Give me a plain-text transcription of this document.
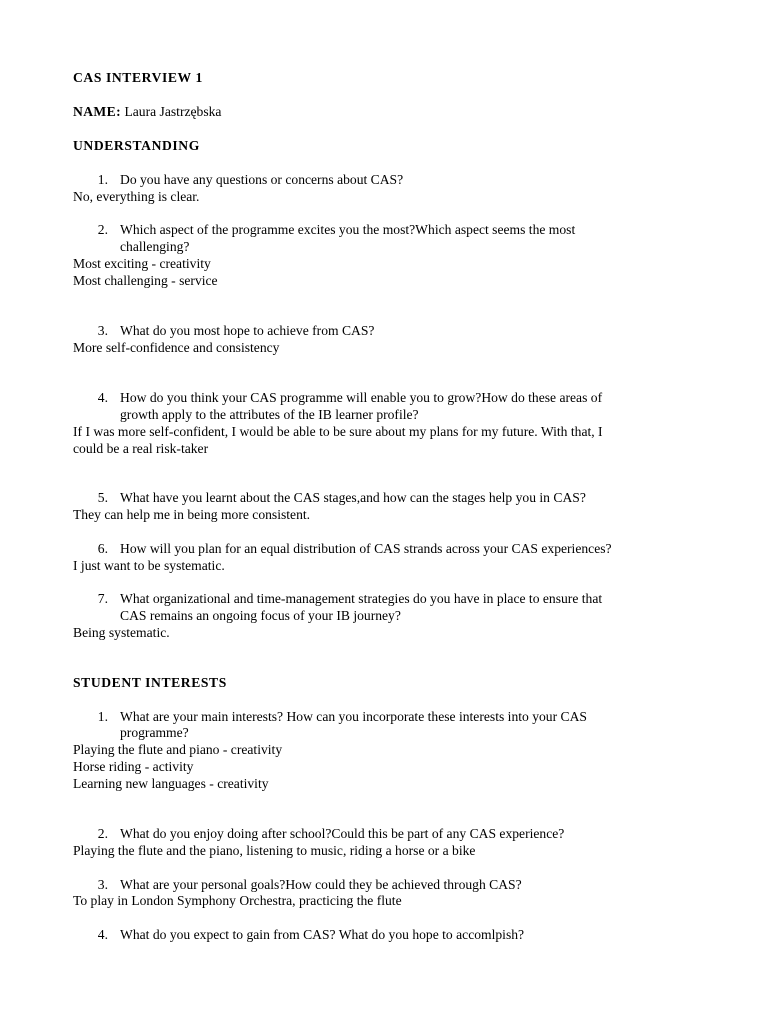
CAS INTERVIEW 1
NAME: Laura Jastrzębska
UNDERSTANDING
1. Do you have any questions or concerns about CAS?
No, everything is clear.
2. Which aspect of the programme excites you the most?Which aspect seems the most
challenging?
Most exciting - creativity
Most challenging - service
3. What do you most hope to achieve from CAS?
More self-confidence and consistency
4. How do you think your CAS programme will enable you to grow?How do these areas of
growth apply to the attributes of the IB learner profile?
If I was more self-confident, I would be able to be sure about my plans for my future. With that, I
could be a real risk-taker
5. What have you learnt about the CAS stages,and how can the stages help you in CAS?
They can help me in being more consistent.
6. How will you plan for an equal distribution of CAS strands across your CAS experiences?
I just want to be systematic.
7. What organizational and time-management strategies do you have in place to ensure that
CAS remains an ongoing focus of your IB journey?
Being systematic.
STUDENT INTERESTS
1. What are your main interests? How can you incorporate these interests into your CAS
programme?
Playing the flute and piano - creativity
Horse riding - activity
Learning new languages - creativity
2. What do you enjoy doing after school?Could this be part of any CAS experience?
Playing the flute and the piano, listening to music, riding a horse or a bike
3. What are your personal goals?How could they be achieved through CAS?
To play in London Symphony Orchestra, practicing the flute
4. What do you expect to gain from CAS? What do you hope to accomlpish?
